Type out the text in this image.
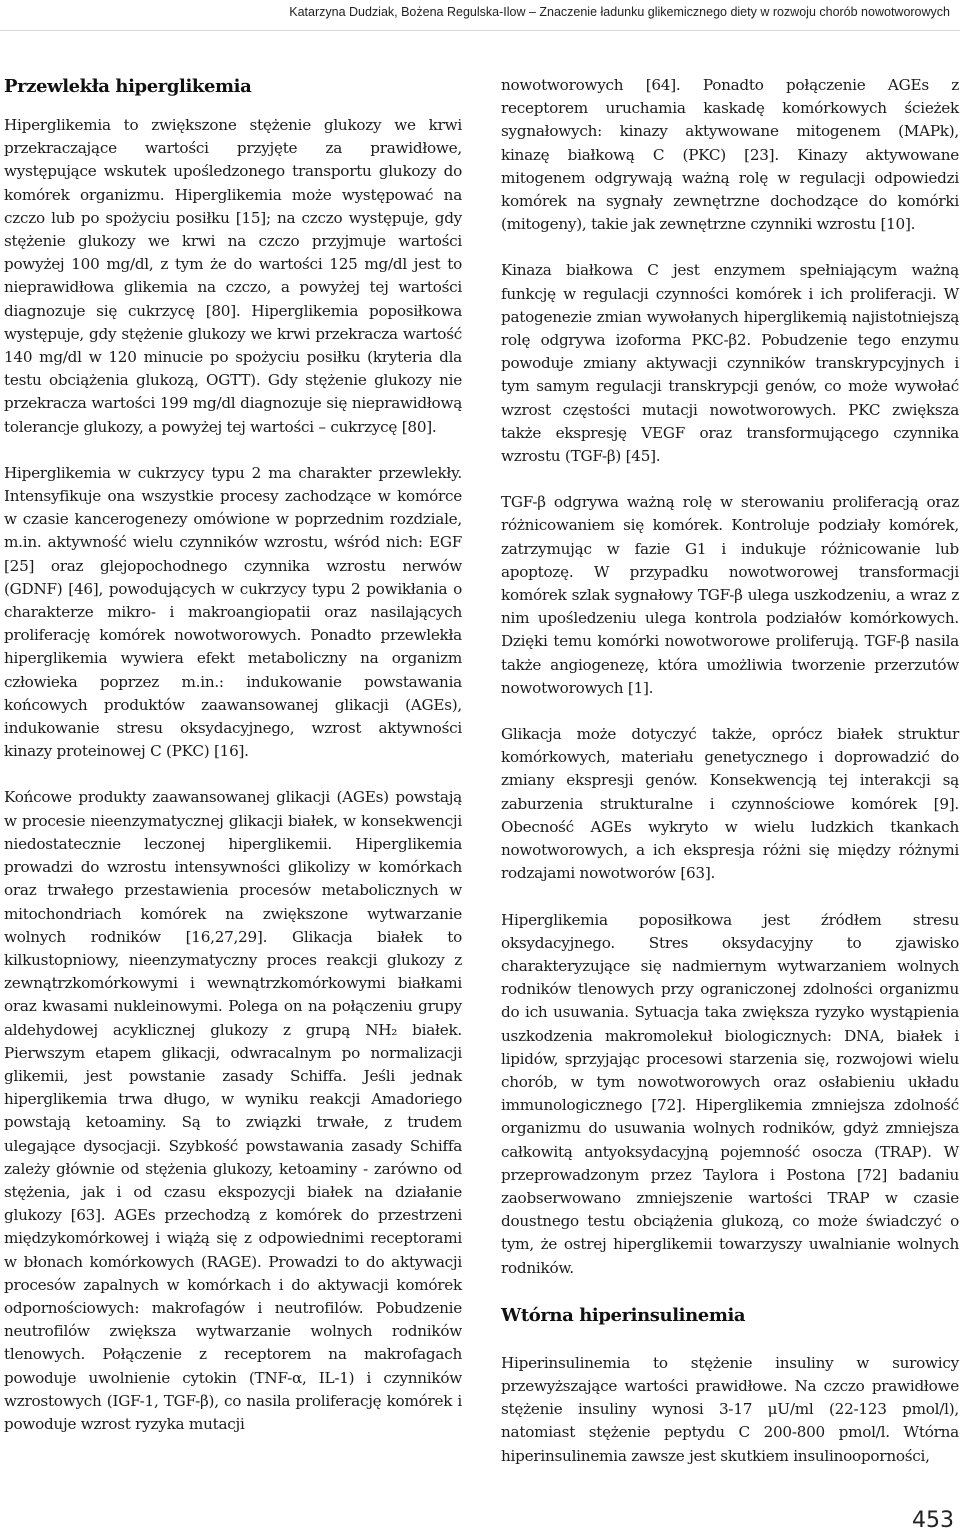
Katarzyna Dudziak, Bożena Regulska-Ilow – Znaczenie ładunku glikemicznego diety w rozwoju chorób nowotworowych
Przewlekła hiperglikemia

Hiperglikemia to zwiększone stężenie glukozy we krwi przekraczające wartości przyjęte za prawidłowe, występujące wskutek upośledzonego transportu glukozy do komórek organizmu. Hiperglikemia może występować na czczo lub po spożyciu posiłku [15]; na czczo występuje, gdy stężenie glukozy we krwi na czczo przyjmuje wartości powyżej 100 mg/dl, z tym że do wartości 125 mg/dl jest to nieprawidłowa glikemia na czczo, a powyżej tej wartości diagnozuje się cukrzycę [80]. Hiperglikemia poposiłkowa występuje, gdy stężenie glukozy we krwi przekracza wartość 140 mg/dl w 120 minucie po spożyciu posiłku (kryteria dla testu obciążenia glukozą, OGTT). Gdy stężenie glukozy nie przekracza wartości 199 mg/dl diagnozuje się nieprawidłową tolerancje glukozy, a powyżej tej wartości – cukrzycę [80].

Hiperglikemia w cukrzycy typu 2 ma charakter przewlekły. Intensyfikuje ona wszystkie procesy zachodzące w komórce w czasie kancerogenezy omówione w poprzednim rozdziale, m.in. aktywność wielu czynników wzrostu, wśród nich: EGF [25] oraz glejopochodnego czynnika wzrostu nerwów (GDNF) [46], powodujących w cukrzycy typu 2 powikłania o charakterze mikro- i makroangiopatii oraz nasilających proliferację komórek nowotworowych. Ponadto przewlekła hiperglikemia wywiera efekt metaboliczny na organizm człowieka poprzez m.in.: indukowanie powstawania końcowych produktów zaawansowanej glikacji (AGEs), indukowanie stresu oksydacyjnego, wzrost aktywności kinazy proteinowej C (PKC) [16].

Końcowe produkty zaawansowanej glikacji (AGEs) powstają w procesie nieenzymatycznej glikacji białek, w konsekwencji niedostatecznie leczonej hiperglikemii. Hiperglikemia prowadzi do wzrostu intensywności glikolizy w komórkach oraz trwałego przestawienia procesów metabolicznych w mitochondriach komórek na zwiększone wytwarzanie wolnych rodników [16,27,29]. Glikacja białek to kilkustopniowy, nieenzymatyczny proces reakcji glukozy z zewnątrzkomórkowymi i wewnątrzkomórkowymi białkami oraz kwasami nukleinowymi. Polega on na połączeniu grupy aldehydowej acyklicznej glukozy z grupą NH₂ białek. Pierwszym etapem glikacji, odwracalnym po normalizacji glikemii, jest powstanie zasady Schiffa. Jeśli jednak hiperglikemia trwa długo, w wyniku reakcji Amadoriego powstają ketoaminy. Są to związki trwałe, z trudem ulegające dysocjacji. Szybkość powstawania zasady Schiffa zależy głównie od stężenia glukozy, ketoaminy - zarówno od stężenia, jak i od czasu ekspozycji białek na działanie glukozy [63]. AGEs przechodzą z komórek do przestrzeni międzykomórkowej i wiążą się z odpowiednimi receptorami w błonach komórkowych (RAGE). Prowadzi to do aktywacji procesów zapalnych w komórkach i do aktywacji komórek odpornościowych: makrofagów i neutrofilów. Pobudzenie neutrofilów zwiększa wytwarzanie wolnych rodników tlenowych. Połączenie z receptorem na makrofagach powoduje uwolnienie cytokin (TNF-α, IL-1) i czynników wzrostowych (IGF-1, TGF-β), co nasila proliferację komórek i powoduje wzrost ryzyka mutacji

nowotworowych [64]. Ponadto połączenie AGEs z receptorem uruchamia kaskadę komórkowych ścieżek sygnałowych: kinazy aktywowane mitogenem (MAPk), kinazę białkową C (PKC) [23]. Kinazy aktywowane mitogenem odgrywają ważną rolę w regulacji odpowiedzi komórek na sygnały zewnętrzne dochodzące do komórki (mitogeny), takie jak zewnętrzne czynniki wzrostu [10].

Kinaza białkowa C jest enzymem spełniającym ważną funkcję w regulacji czynności komórek i ich proliferacji. W patogenezie zmian wywołanych hiperglikemią najistotniejszą rolę odgrywa izoforma PKC-β2. Pobudzenie tego enzymu powoduje zmiany aktywacji czynników transkrypcyjnych i tym samym regulacji transkrypcji genów, co może wywołać wzrost częstości mutacji nowotworowych. PKC zwiększa także ekspresję VEGF oraz transformującego czynnika wzrostu (TGF-β) [45].

TGF-β odgrywa ważną rolę w sterowaniu proliferacją oraz różnicowaniem się komórek. Kontroluje podziały komórek, zatrzymując w fazie G1 i indukuje różnicowanie lub apoptozę. W przypadku nowotworowej transformacji komórek szlak sygnałowy TGF-β ulega uszkodzeniu, a wraz z nim upośledzeniu ulega kontrola podziałów komórkowych. Dzięki temu komórki nowotworowe proliferują. TGF-β nasila także angiogenezę, która umożliwia tworzenie przerzutów nowotworowych [1].

Glikacja może dotyczyć także, oprócz białek struktur komórkowych, materiału genetycznego i doprowadzić do zmiany ekspresji genów. Konsekwencją tej interakcji są zaburzenia strukturalne i czynnościowe komórek [9]. Obecność AGEs wykryto w wielu ludzkich tkankach nowotworowych, a ich ekspresja różni się między różnymi rodzajami nowotworów [63].

Hiperglikemia poposiłkowa jest źródłem stresu oksydacyjnego. Stres oksydacyjny to zjawisko charakteryzujące się nadmiernym wytwarzaniem wolnych rodników tlenowych przy ograniczonej zdolności organizmu do ich usuwania. Sytuacja taka zwiększa ryzyko wystąpienia uszkodzenia makromolekuł biologicznych: DNA, białek i lipidów, sprzyjając procesowi starzenia się, rozwojowi wielu chorób, w tym nowotworowych oraz osłabieniu układu immunologicznego [72]. Hiperglikemia zmniejsza zdolność organizmu do usuwania wolnych rodników, gdyż zmniejsza całkowitą antyoksydacyjną pojemność osocza (TRAP). W przeprowadzonym przez Taylora i Postona [72] badaniu zaobserwowano zmniejszenie wartości TRAP w czasie doustnego testu obciążenia glukozą, co może świadczyć o tym, że ostrej hiperglikemii towarzyszy uwalnianie wolnych rodników.

Wtórna hiperinsulinemia

Hiperinsulinemia to stężenie insuliny w surowicy przewyższające wartości prawidłowe. Na czczo prawidłowe stężenie insuliny wynosi 3-17 μU/ml (22-123 pmol/l), natomiast stężenie peptydu C 200-800 pmol/l. Wtórna hiperinsulinemia zawsze jest skutkiem insulinooporności,

453
